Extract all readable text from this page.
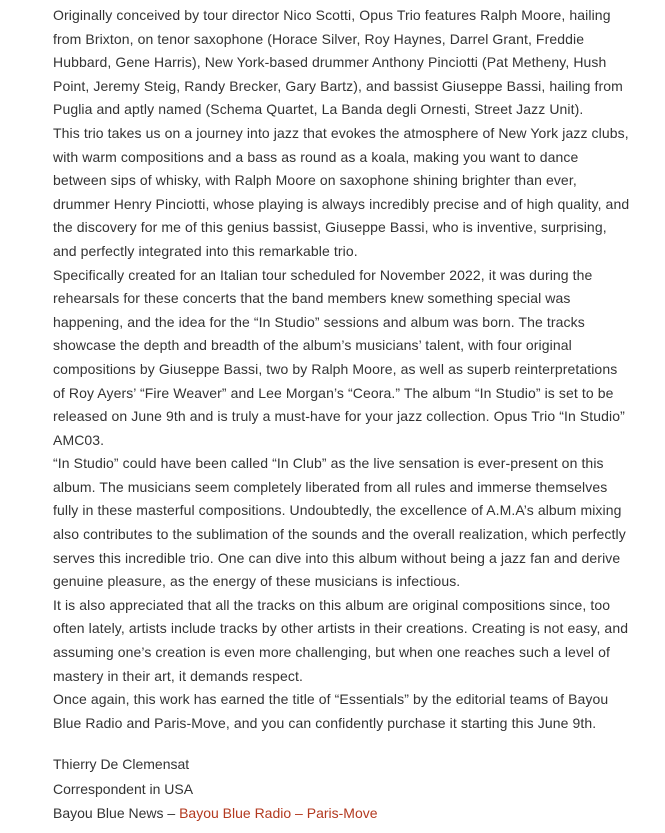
Originally conceived by tour director Nico Scotti, Opus Trio features Ralph Moore, hailing from Brixton, on tenor saxophone (Horace Silver, Roy Haynes, Darrel Grant, Freddie Hubbard, Gene Harris), New York-based drummer Anthony Pinciotti (Pat Metheny, Hush Point, Jeremy Steig, Randy Brecker, Gary Bartz), and bassist Giuseppe Bassi, hailing from Puglia and aptly named (Schema Quartet, La Banda degli Ornesti, Street Jazz Unit).

This trio takes us on a journey into jazz that evokes the atmosphere of New York jazz clubs, with warm compositions and a bass as round as a koala, making you want to dance between sips of whisky, with Ralph Moore on saxophone shining brighter than ever, drummer Henry Pinciotti, whose playing is always incredibly precise and of high quality, and the discovery for me of this genius bassist, Giuseppe Bassi, who is inventive, surprising, and perfectly integrated into this remarkable trio.

Specifically created for an Italian tour scheduled for November 2022, it was during the rehearsals for these concerts that the band members knew something special was happening, and the idea for the “In Studio” sessions and album was born. The tracks showcase the depth and breadth of the album’s musicians’ talent, with four original compositions by Giuseppe Bassi, two by Ralph Moore, as well as superb reinterpretations of Roy Ayers’ “Fire Weaver” and Lee Morgan’s “Ceora.” The album “In Studio” is set to be released on June 9th and is truly a must-have for your jazz collection. Opus Trio “In Studio” AMC03.

“In Studio” could have been called “In Club” as the live sensation is ever-present on this album. The musicians seem completely liberated from all rules and immerse themselves fully in these masterful compositions. Undoubtedly, the excellence of A.M.A’s album mixing also contributes to the sublimation of the sounds and the overall realization, which perfectly serves this incredible trio. One can dive into this album without being a jazz fan and derive genuine pleasure, as the energy of these musicians is infectious.

It is also appreciated that all the tracks on this album are original compositions since, too often lately, artists include tracks by other artists in their creations. Creating is not easy, and assuming one’s creation is even more challenging, but when one reaches such a level of mastery in their art, it demands respect.

Once again, this work has earned the title of “Essentials” by the editorial teams of Bayou Blue Radio and Paris-Move, and you can confidently purchase it starting this June 9th.

Thierry De Clemensat

Correspondent in USA

Bayou Blue News – Bayou Blue Radio – Paris-Move
